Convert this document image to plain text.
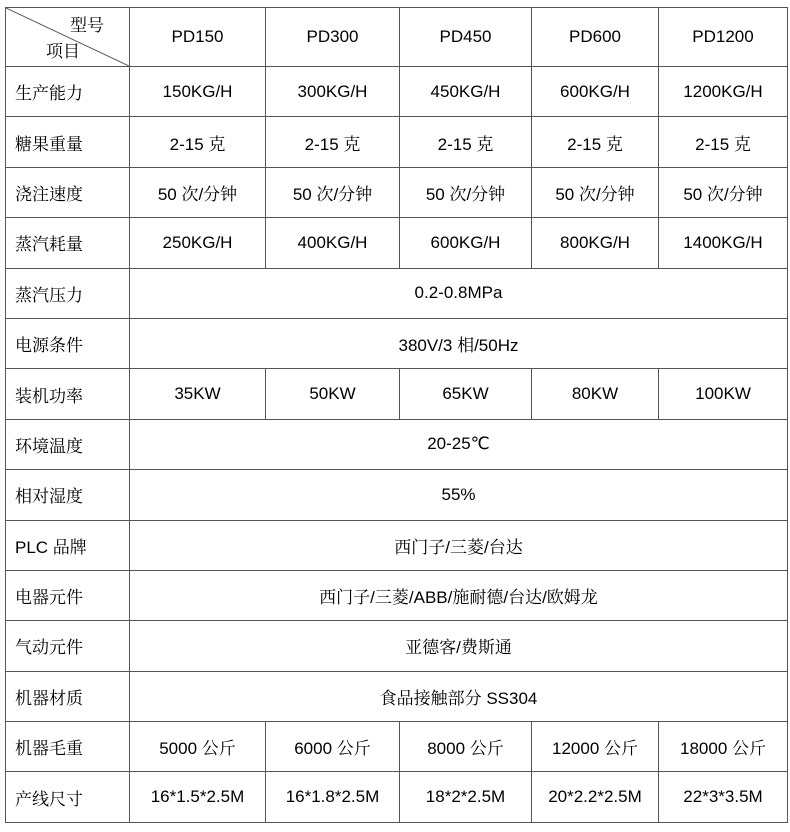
型号
项目	PD150	PD300	PD450	PD600	PD1200
生产能力	150KG/H	300KG/H	450KG/H	600KG/H	1200KG/H
糖果重量	2-15 克	2-15 克	2-15 克	2-15 克	2-15 克
浇注速度	50 次/分钟	50 次/分钟	50 次/分钟	50 次/分钟	50 次/分钟
蒸汽耗量	250KG/H	400KG/H	600KG/H	800KG/H	1400KG/H
蒸汽压力	0.2-0.8MPa				
电源条件	380V/3 相/50Hz				
装机功率	35KW	50KW	65KW	80KW	100KW
环境温度	20-25℃				
相对湿度	55%				
PLC 品牌	西门子/三菱/台达				
电器元件	西门子/三菱/ABB/施耐德/台达/欧姆龙				
气动元件	亚德客/费斯通				
机器材质	食品接触部分 SS304				
机器毛重	5000 公斤	6000 公斤	8000 公斤	12000 公斤	18000 公斤
产线尺寸	16*1.5*2.5M	16*1.8*2.5M	18*2*2.5M	20*2.2*2.5M	22*3*3.5M
